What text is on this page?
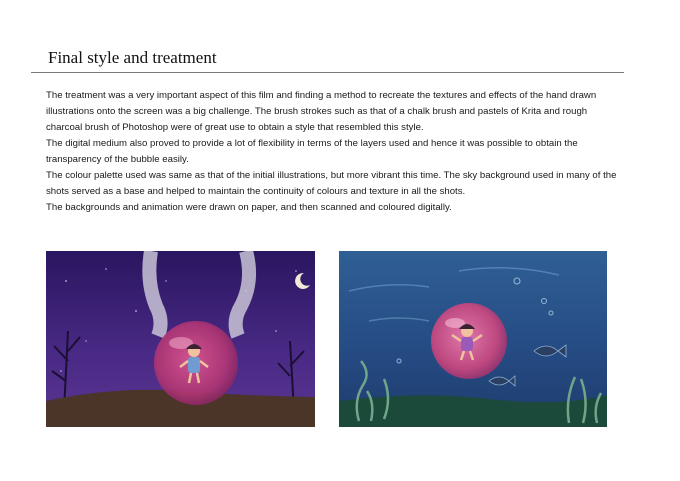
Final style and treatment

The treatment was a very important aspect of this film and finding a method to recreate the textures and effects of the hand drawn illustrations onto the screen was a big challenge. The brush strokes such as that of a chalk brush and pastels of Krita and rough charcoal brush of Photoshop were of great use to obtain a style that resembled this style.

The digital medium also proved to provide a lot of flexibility in terms of the layers used and hence it was possible to obtain the transparency of the bubble easily.

The colour palette used was same as that of the initial illustrations, but more vibrant this time. The sky background used in many of the shots served as a base and helped to maintain the continuity of colours and texture in all the shots.

The backgrounds and animation were drawn on paper, and then scanned and coloured digitally.
